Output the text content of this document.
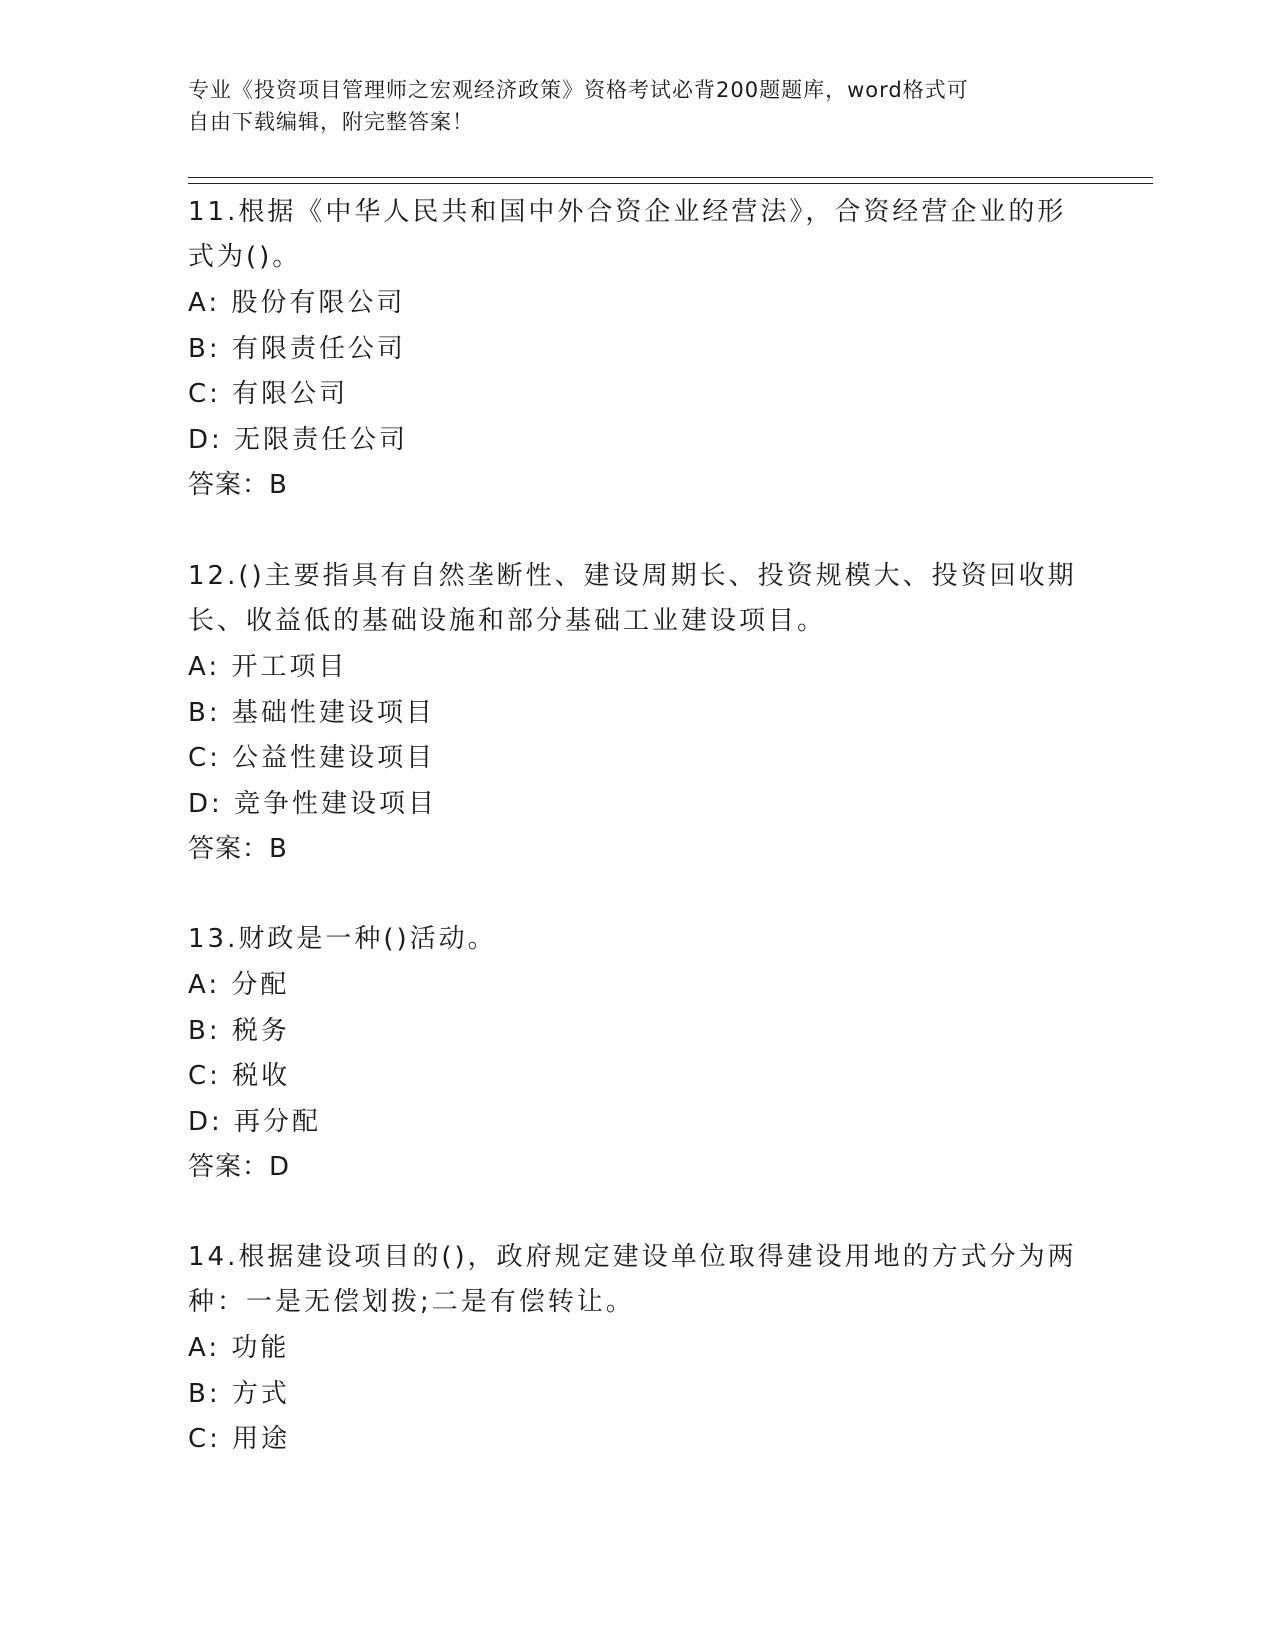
专业《投资项目管理师之宏观经济政策》资格考试必背200题题库，word格式可
自由下载编辑，附完整答案！
11.根据《中华人民共和国中外合资企业经营法》，合资经营企业的形
式为()。
A: 股份有限公司
B: 有限责任公司
C: 有限公司
D: 无限责任公司
答案：B
12.()主要指具有自然垄断性、建设周期长、投资规模大、投资回收期
长、收益低的基础设施和部分基础工业建设项目。
A: 开工项目
B: 基础性建设项目
C: 公益性建设项目
D: 竞争性建设项目
答案：B
13.财政是一种()活动。
A: 分配
B: 税务
C: 税收
D: 再分配
答案：D
14.根据建设项目的()，政府规定建设单位取得建设用地的方式分为两
种：一是无偿划拨;二是有偿转让。
A: 功能
B: 方式
C: 用途
